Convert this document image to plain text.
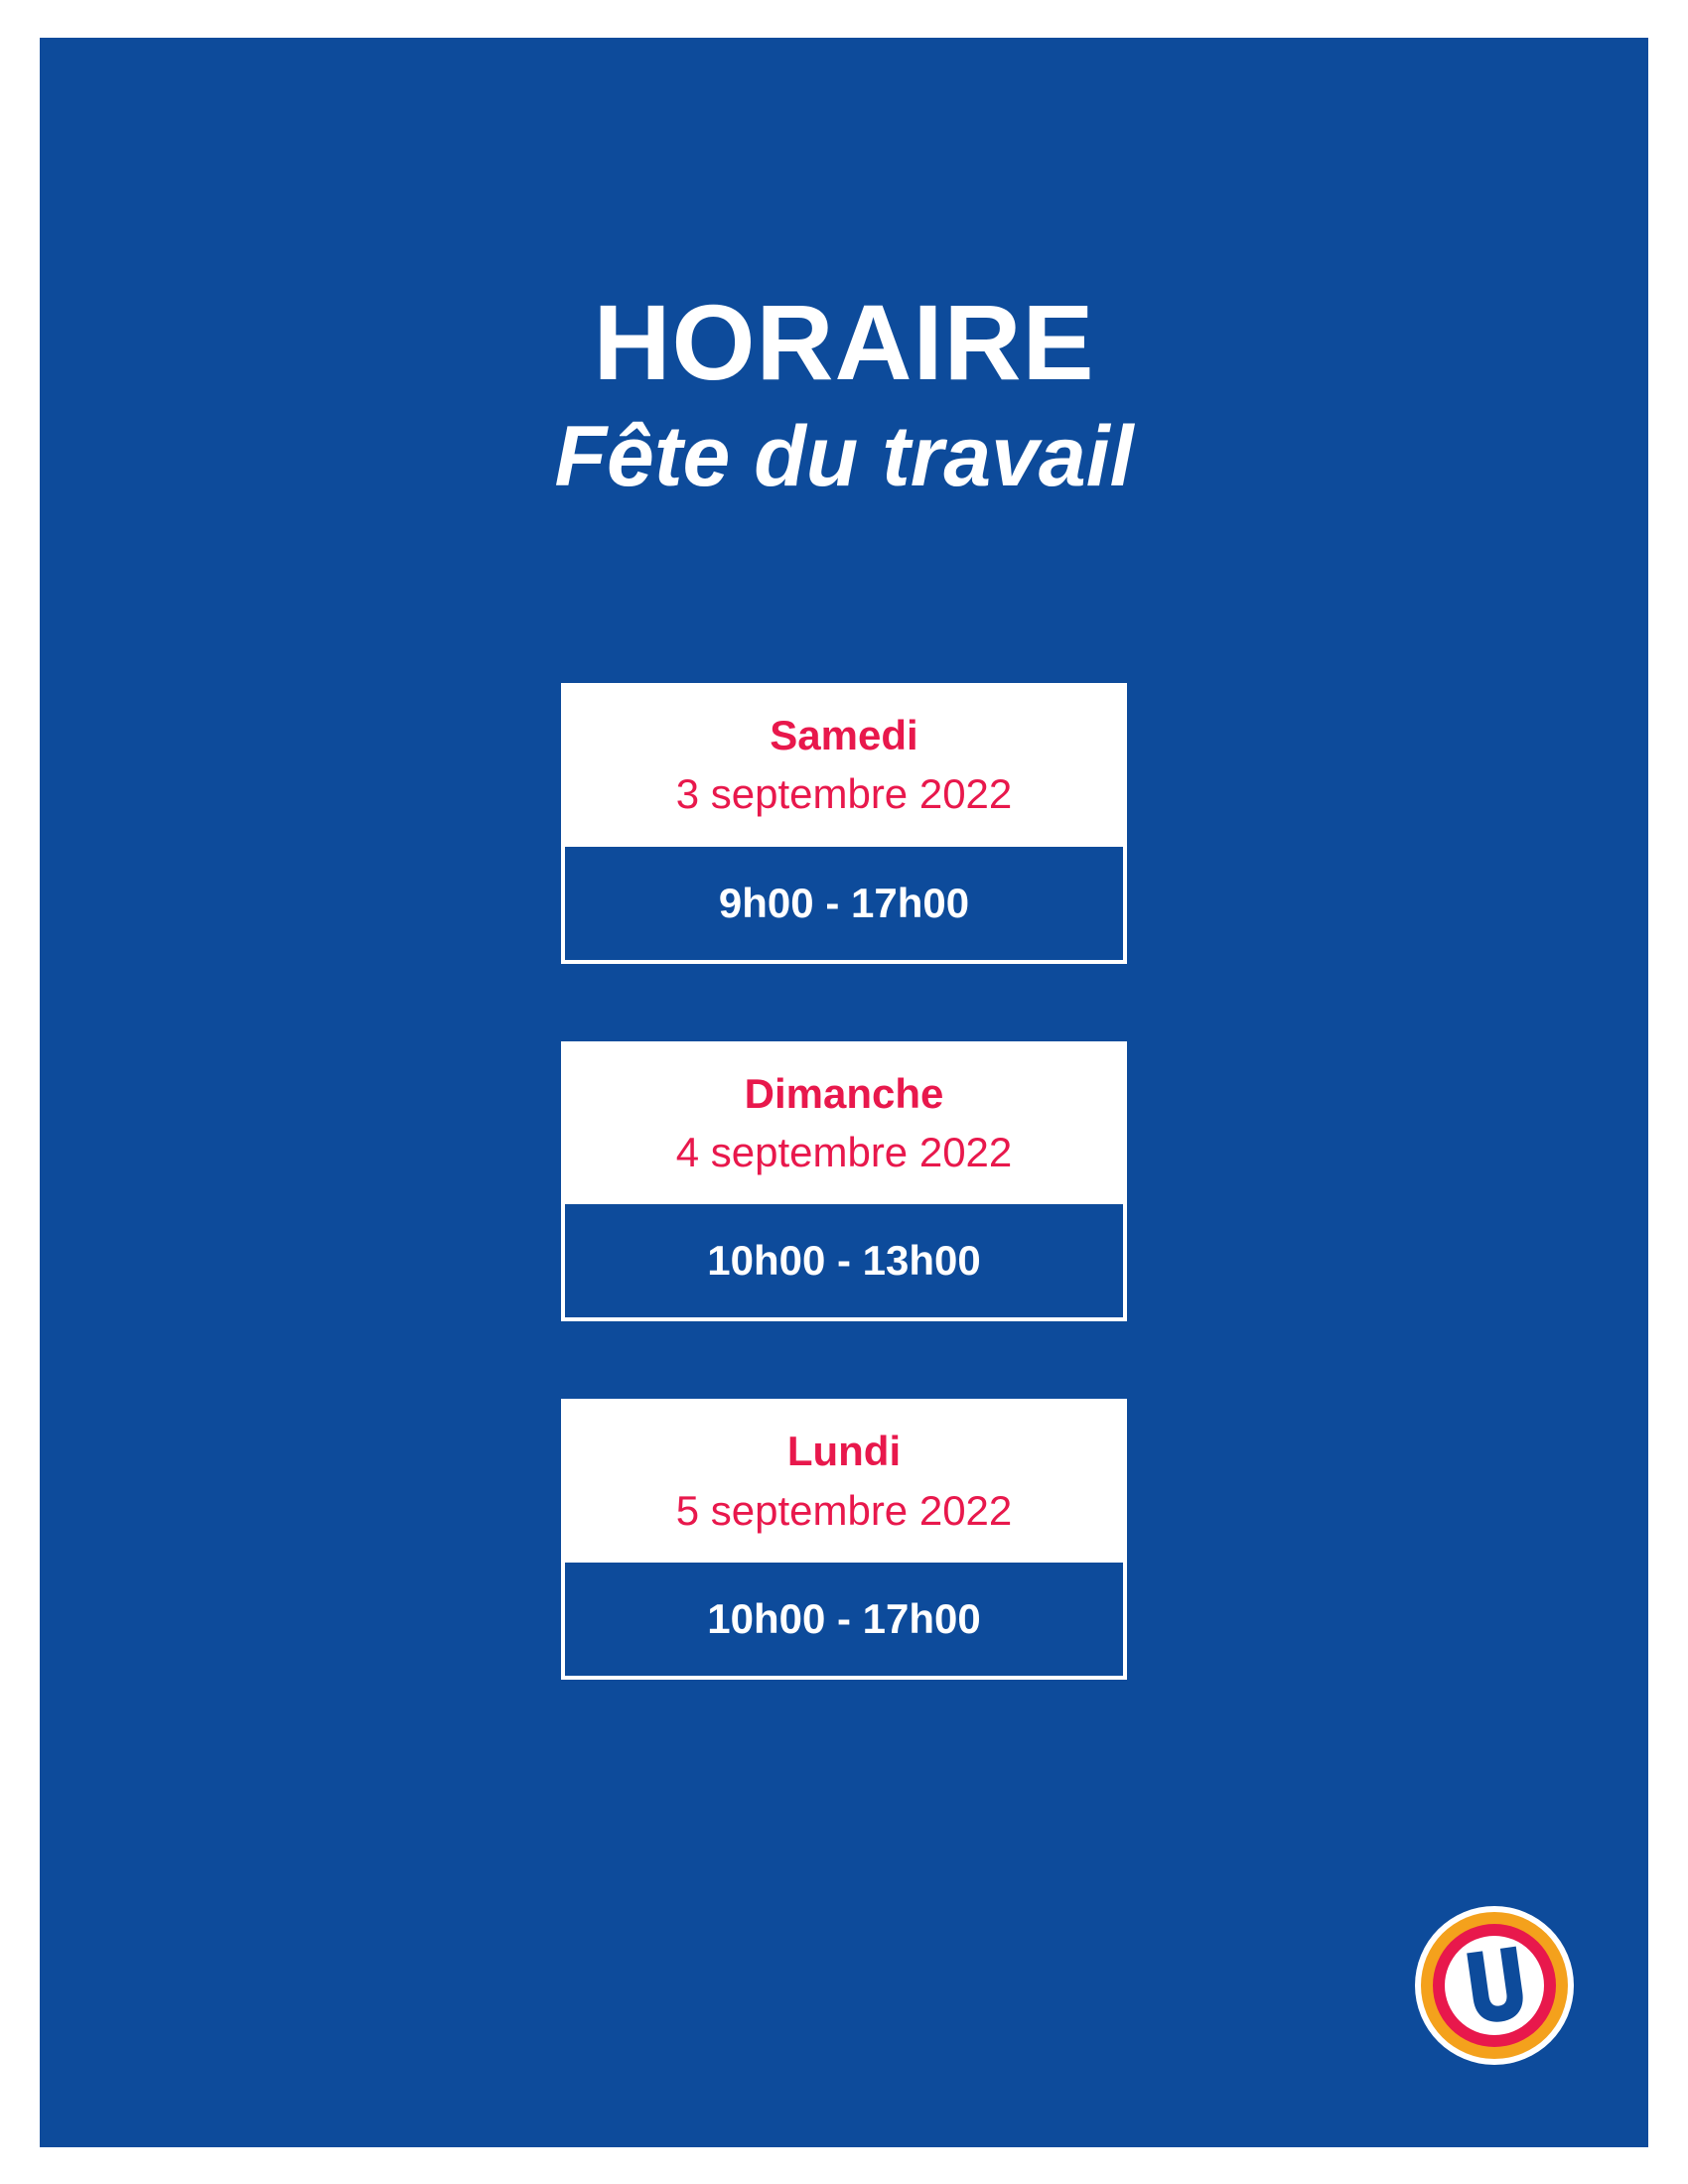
HORAIRE
Fête du travail
Samedi
3 septembre 2022
9h00 - 17h00
Dimanche
4 septembre 2022
10h00 - 13h00
Lundi
5 septembre 2022
10h00 - 17h00
